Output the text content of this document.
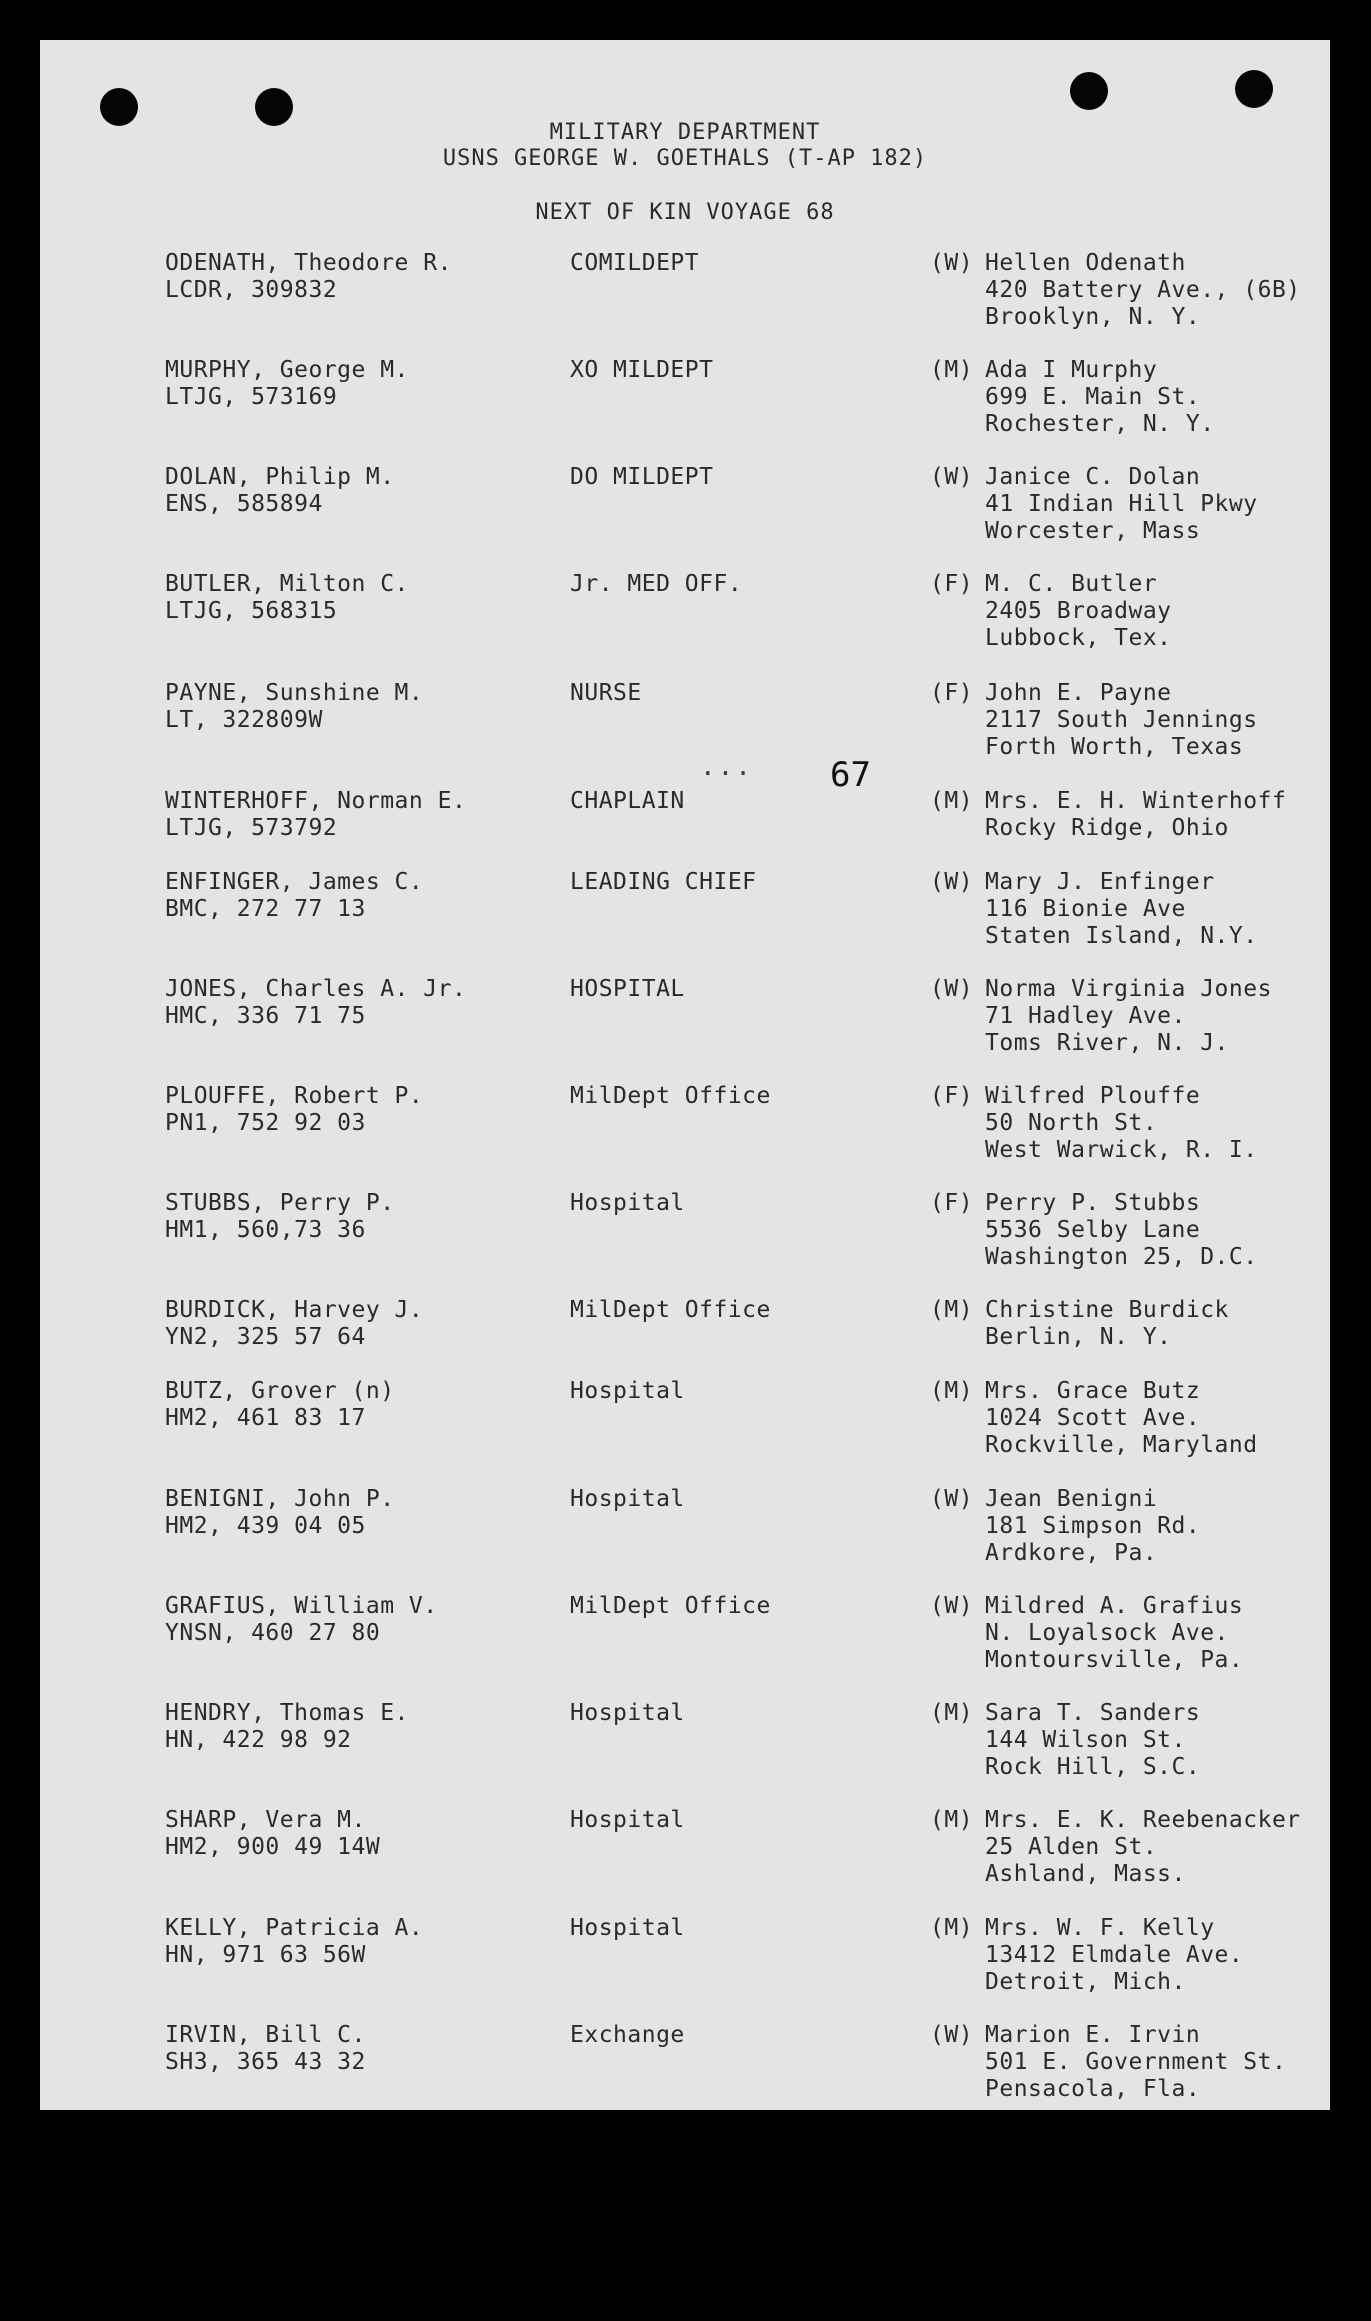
MILITARY DEPARTMENT
USNS GEORGE W. GOETHALS (T-AP 182)
NEXT OF KIN VOYAGE 68
67
...
ODENATH, Theodore R.
LCDR, 309832
COMILDEPT	(W) Hellen Odenath
420 Battery Ave., (6B)
Brooklyn, N. Y.
MURPHY, George M.
LTJG, 573169
XO MILDEPT	(M) Ada I Murphy
699 E. Main St.
Rochester, N. Y.
DOLAN, Philip M.
ENS, 585894
DO MILDEPT	(W) Janice C. Dolan
41 Indian Hill Pkwy
Worcester, Mass
BUTLER, Milton C.
LTJG, 568315
Jr. MED OFF.	(F) M. C. Butler
2405 Broadway
Lubbock, Tex.
PAYNE, Sunshine M.
LT, 322809W
NURSE	(F) John E. Payne
2117 South Jennings
Forth Worth, Texas
WINTERHOFF, Norman E.
LTJG, 573792
CHAPLAIN	(M) Mrs. E. H. Winterhoff
Rocky Ridge, Ohio
ENFINGER, James C.
BMC, 272 77 13
LEADING CHIEF	(W) Mary J. Enfinger
116 Bionie Ave
Staten Island, N.Y.
JONES, Charles A. Jr.
HMC, 336 71 75
HOSPITAL	(W) Norma Virginia Jones
71 Hadley Ave.
Toms River, N. J.
PLOUFFE, Robert P.
PN1, 752 92 03
MilDept Office	(F) Wilfred Plouffe
50 North St.
West Warwick, R. I.
STUBBS, Perry P.
HM1, 560,73 36
Hospital	(F) Perry P. Stubbs
5536 Selby Lane
Washington 25, D.C.
BURDICK, Harvey J.
YN2, 325 57 64
MilDept Office	(M) Christine Burdick
Berlin, N. Y.
BUTZ, Grover (n)
HM2, 461 83 17
Hospital	(M) Mrs. Grace Butz
1024 Scott Ave.
Rockville, Maryland
BENIGNI, John P.
HM2, 439 04 05
Hospital	(W) Jean Benigni
181 Simpson Rd.
Ardkore, Pa.
GRAFIUS, William V.
YNSN, 460 27 80
MilDept Office	(W) Mildred A. Grafius
N. Loyalsock Ave.
Montoursville, Pa.
HENDRY, Thomas E.
HN, 422 98 92
Hospital	(M) Sara T. Sanders
144 Wilson St.
Rock Hill, S.C.
SHARP, Vera M.
HM2, 900 49 14W
Hospital	(M) Mrs. E. K. Reebenacker
25 Alden St.
Ashland, Mass.
KELLY, Patricia A.
HN, 971 63 56W
Hospital	(M) Mrs. W. F. Kelly
13412 Elmdale Ave.
Detroit, Mich.
IRVIN, Bill C.
SH3, 365 43 32
Exchange	(W) Marion E. Irvin
501 E. Government St.
Pensacola, Fla.
